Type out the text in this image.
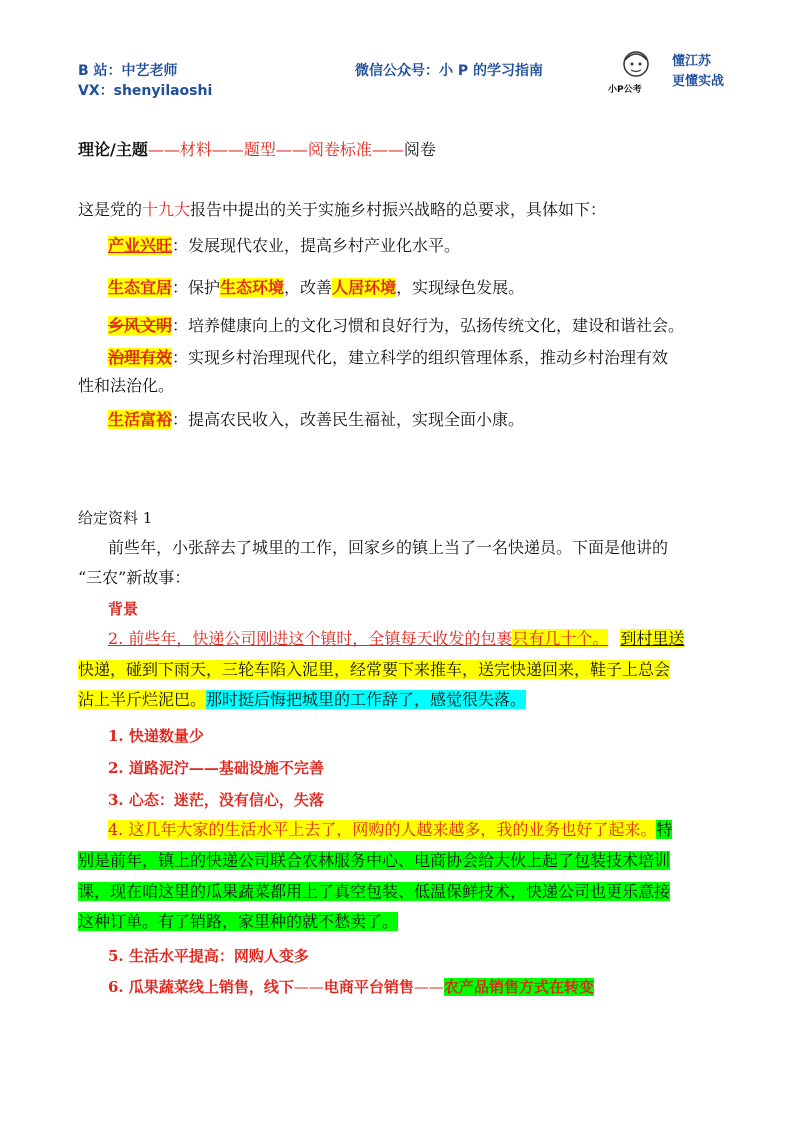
B 站：中艺老师
VX：shenyilaoshi
微信公众号：小 P 的学习指南
小P公考
懂江苏
更懂实战
理论/主题——材料——题型——阅卷标准——阅卷
这是党的十九大报告中提出的关于实施乡村振兴战略的总要求，具体如下：
产业兴旺：发展现代农业，提高乡村产业化水平。
生态宜居：保护生态环境，改善人居环境，实现绿色发展。
乡风文明：培养健康向上的文化习惯和良好行为，弘扬传统文化，建设和谐社会。
治理有效：实现乡村治理现代化，建立科学的组织管理体系，推动乡村治理有效
性和法治化。
生活富裕：提高农民收入，改善民生福祉，实现全面小康。
给定资料 1
前些年，小张辞去了城里的工作，回家乡的镇上当了一名快递员。下面是他讲的
“三农”新故事：
背景
2. 前些年，快递公司刚进这个镇时，全镇每天收发的包裹只有几十个。 到村里送
快递，碰到下雨天，三轮车陷入泥里，经常要下来推车，送完快递回来，鞋子上总会
沾上半斤烂泥巴。那时挺后悔把城里的工作辞了，感觉很失落。
1. 快递数量少
2. 道路泥泞——基础设施不完善
3. 心态：迷茫，没有信心，失落
4. 这几年大家的生活水平上去了，网购的人越来越多，我的业务也好了起来。特
别是前年，镇上的快递公司联合农林服务中心、电商协会给大伙上起了包装技术培训
课，现在咱这里的瓜果蔬菜都用上了真空包装、低温保鲜技术，快递公司也更乐意接
这种订单。有了销路，家里种的就不愁卖了。
5. 生活水平提高：网购人变多
6. 瓜果蔬菜线上销售，线下——电商平台销售——农产品销售方式在转变
